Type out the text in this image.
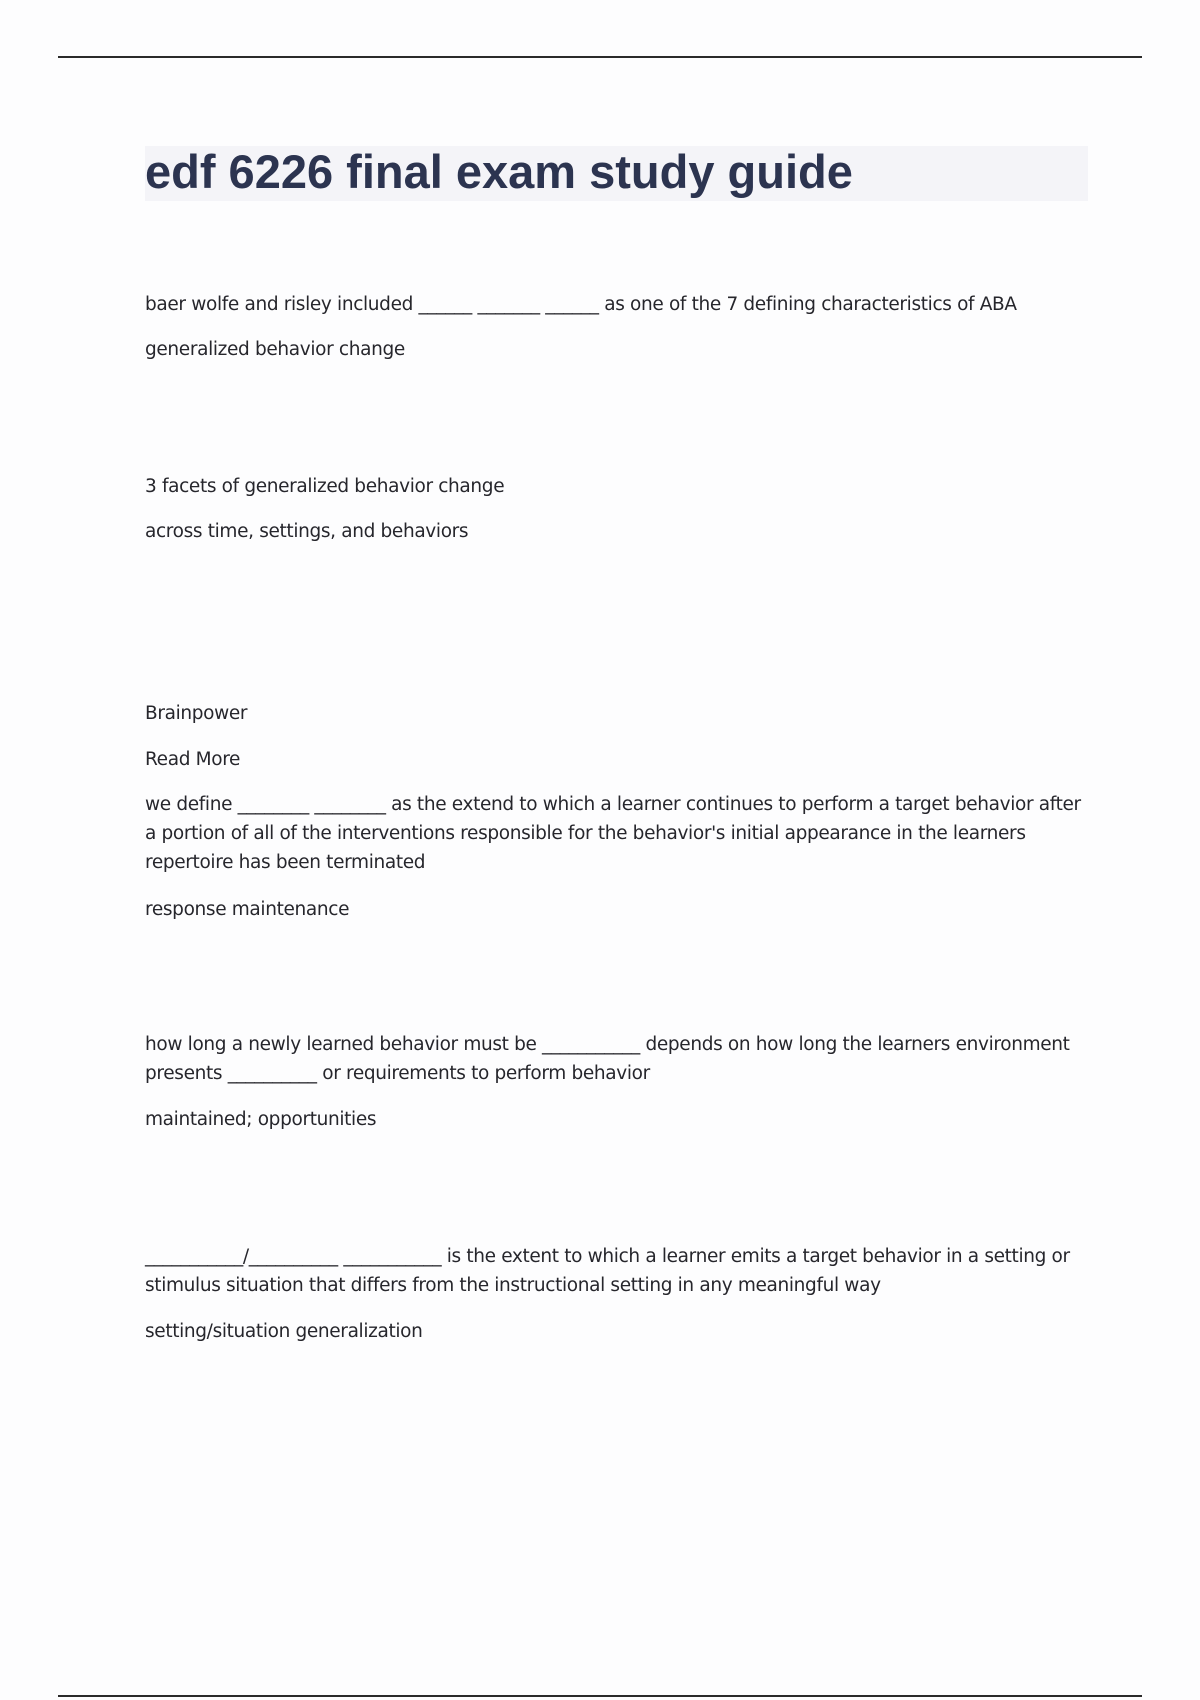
edf 6226 final exam study guide

baer wolfe and risley included ______ _______ ______ as one of the 7 defining characteristics of ABA

generalized behavior change

3 facets of generalized behavior change

across time, settings, and behaviors

Brainpower

Read More

we define ________ ________ as the extend to which a learner continues to perform a target behavior after a portion of all of the interventions responsible for the behavior's initial appearance in the learners repertoire has been terminated

response maintenance

how long a newly learned behavior must be ___________ depends on how long the learners environment presents __________ or requirements to perform behavior

maintained; opportunities

___________/__________ ___________ is the extent to which a learner emits a target behavior in a setting or stimulus situation that differs from the instructional setting in any meaningful way

setting/situation generalization
